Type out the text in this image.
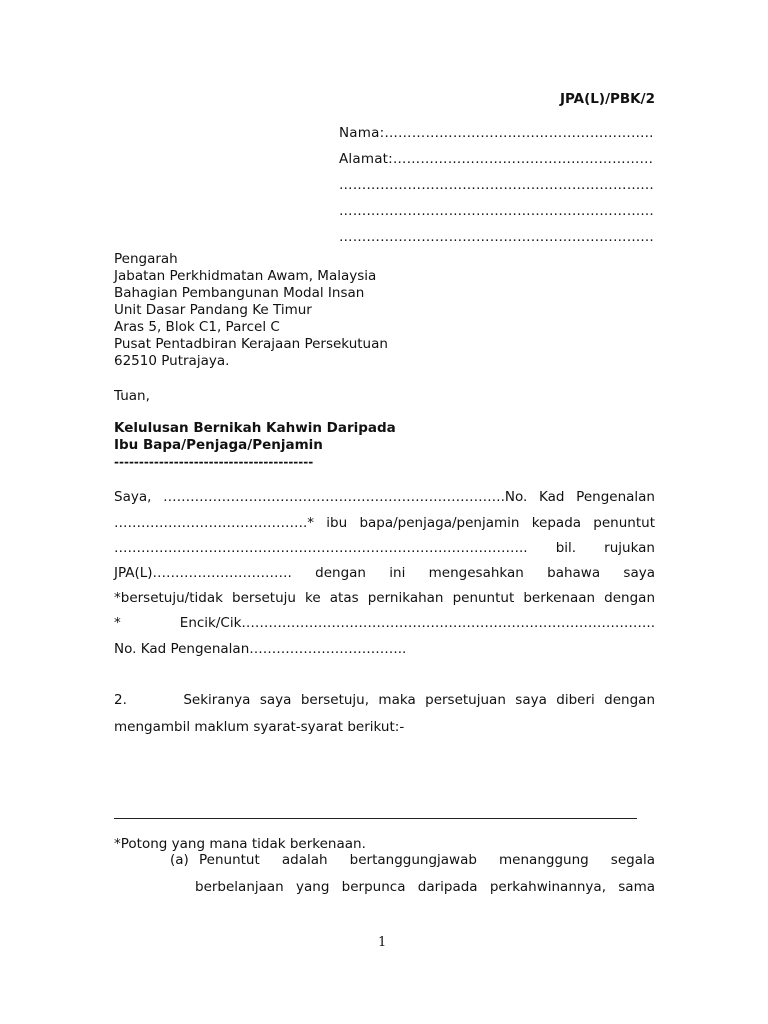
JPA(L)/PBK/2
Nama:…………………………………………………..
Alamat:…………………………………………………
…………………………………………………………...
…………………………………………………………...
…………………………………………………………...
Pengarah
Jabatan Perkhidmatan Awam, Malaysia
Bahagian Pembangunan Modal Insan
Unit Dasar Pandang Ke Timur
Aras 5, Blok C1, Parcel C
Pusat Pentadbiran Kerajaan Persekutuan
62510 Putrajaya.
Tuan,
Kelulusan Bernikah Kahwin Daripada
Ibu Bapa/Penjaga/Penjamin
----------------------------------------
Saya, ………………………………………………………………….No. Kad Pengenalan
…………………………………….* ibu bapa/penjaga/penjamin kepada penuntut
……………………………………………………………………………….. bil. rujukan
JPA(L)…………………………. dengan ini mengesahkan bahawa saya
*bersetuju/tidak bersetuju ke atas pernikahan penuntut berkenaan dengan
* Encik/Cik………………………………………………………………………………..
No. Kad Pengenalan……………………………..
2.      Sekiranya saya bersetuju, maka persetujuan saya diberi dengan
mengambil maklum syarat-syarat berikut:-
*Potong yang mana tidak berkenaan.
(a) Penuntut adalah bertanggungjawab menanggung segala
berbelanjaan yang berpunca daripada perkahwinannya, sama
1
